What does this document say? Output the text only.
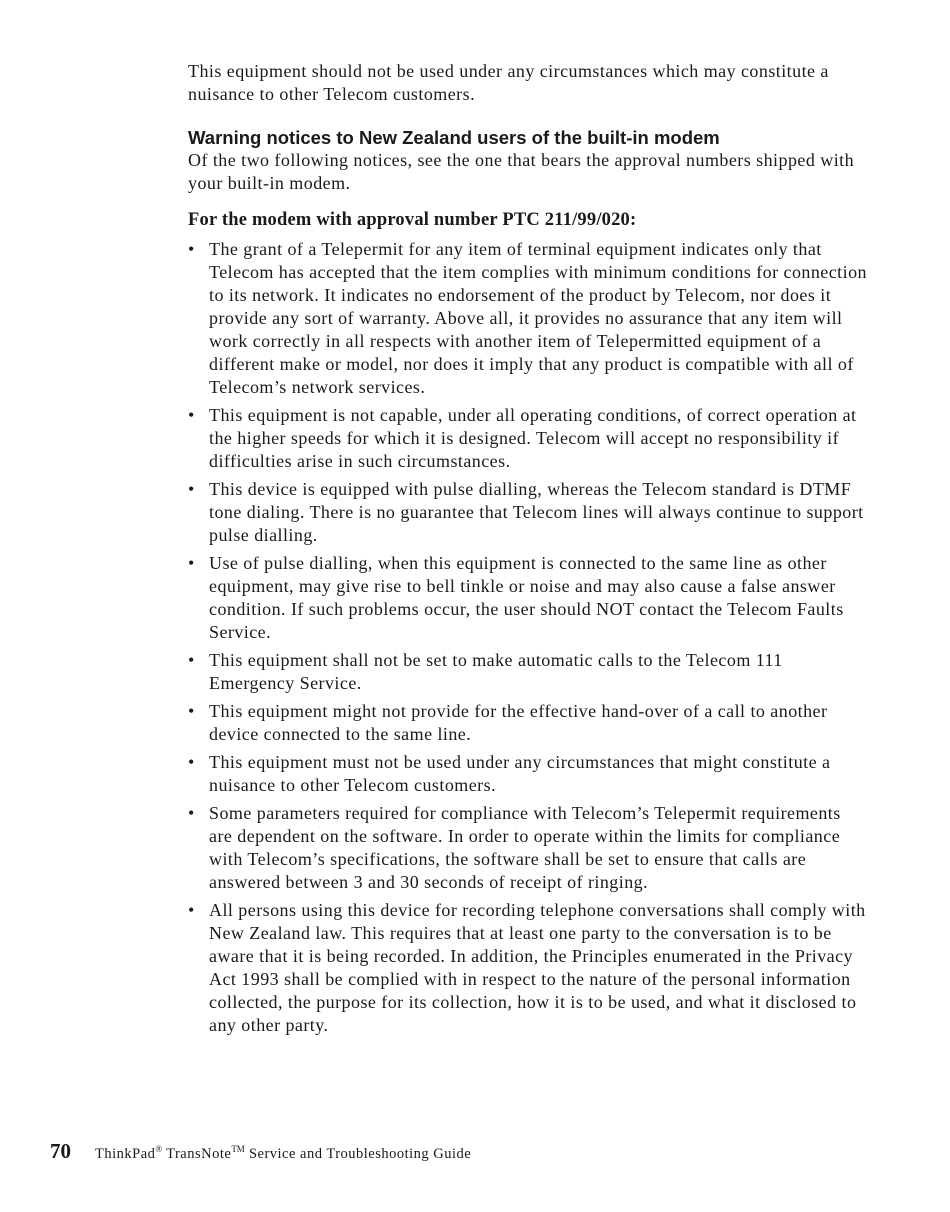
This equipment should not be used under any circumstances which may constitute a nuisance to other Telecom customers.

Warning notices to New Zealand users of the built-in modem

Of the two following notices, see the one that bears the approval numbers shipped with your built-in modem.

For the modem with approval number PTC 211/99/020:
• The grant of a Telepermit for any item of terminal equipment indicates only that Telecom has accepted that the item complies with minimum conditions for connection to its network. It indicates no endorsement of the product by Telecom, nor does it provide any sort of warranty. Above all, it provides no assurance that any item will work correctly in all respects with another item of Telepermitted equipment of a different make or model, nor does it imply that any product is compatible with all of Telecom’s network services.
• This equipment is not capable, under all operating conditions, of correct operation at the higher speeds for which it is designed. Telecom will accept no responsibility if difficulties arise in such circumstances.
• This device is equipped with pulse dialling, whereas the Telecom standard is DTMF tone dialing. There is no guarantee that Telecom lines will always continue to support pulse dialling.
• Use of pulse dialling, when this equipment is connected to the same line as other equipment, may give rise to bell tinkle or noise and may also cause a false answer condition. If such problems occur, the user should NOT contact the Telecom Faults Service.
• This equipment shall not be set to make automatic calls to the Telecom 111 Emergency Service.
• This equipment might not provide for the effective hand-over of a call to another device connected to the same line.
• This equipment must not be used under any circumstances that might constitute a nuisance to other Telecom customers.
• Some parameters required for compliance with Telecom’s Telepermit requirements are dependent on the software. In order to operate within the limits for compliance with Telecom’s specifications, the software shall be set to ensure that calls are answered between 3 and 30 seconds of receipt of ringing.
• All persons using this device for recording telephone conversations shall comply with New Zealand law. This requires that at least one party to the conversation is to be aware that it is being recorded. In addition, the Principles enumerated in the Privacy Act 1993 shall be complied with in respect to the nature of the personal information collected, the purpose for its collection, how it is to be used, and what it disclosed to any other party.
70 ThinkPad® TransNote™ Service and Troubleshooting Guide
